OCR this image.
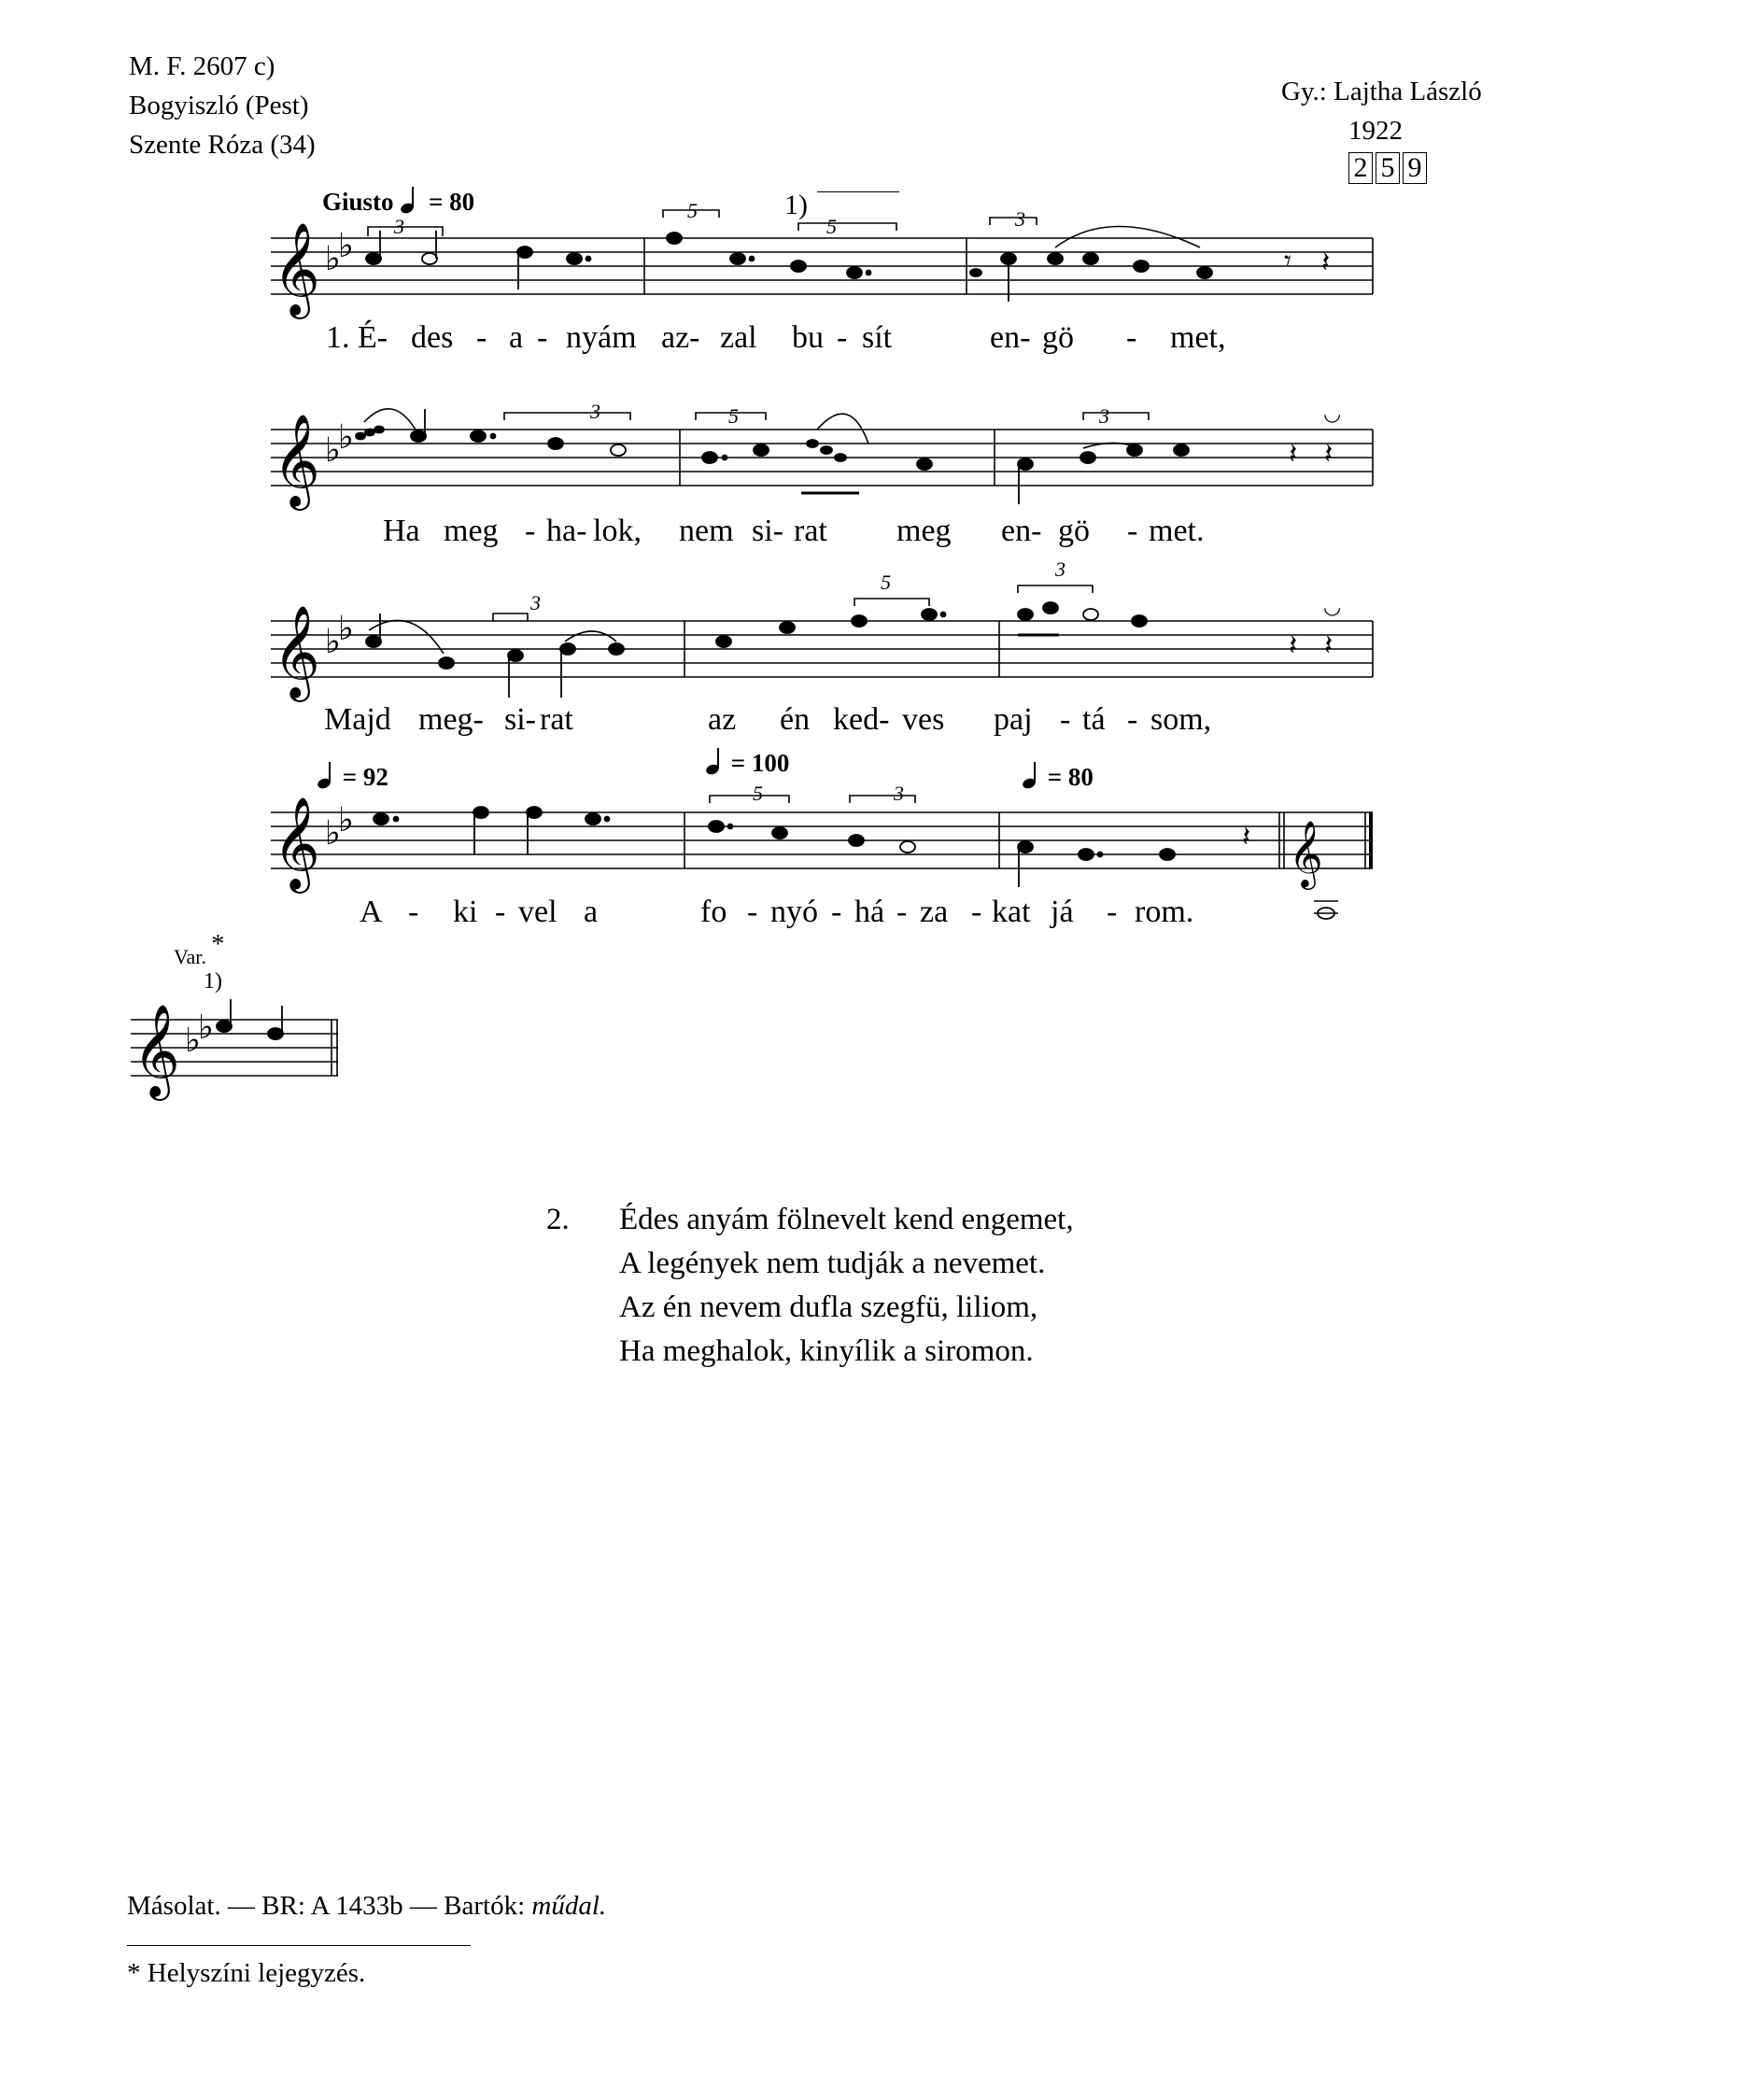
M. F. 2607 c)
Bogyiszló (Pest)
Szente Róza (34)
Gy.: Lajtha László
1922
2 5 9
Giusto = 80	1)
𝄞 ♭
♭	𝄾 𝄽
3
5
5	3
1. É- des - a - nyám az- zal bu - sít	en- gö - met,
𝄞 ♭
♭	𝄽 𝄽
◡
3	5	3
Ha meg - ha- lok, nem si- rat meg en- gö - met.
𝄞 ♭
♭	𝄽 𝄽
◡
3
5
3
Majd meg- si- rat	az én ked- ves paj - tá - som,
= 92	= 100	= 80
𝄞 ♭
♭	𝄽 𝄞
5	3
A - ki - vel a	fo - nyó - há - za - kat já - rom.
Var. *
1)
𝄞 ♭
♭
2. Édes anyám fölnevelt kend engemet,
A legények nem tudják a nevemet.
Az én nevem dufla szegfü, liliom,
Ha meghalok, kinyílik a siromon.
Másolat. — BR: A 1433b — Bartók: műdal.
* Helyszíni lejegyzés.
